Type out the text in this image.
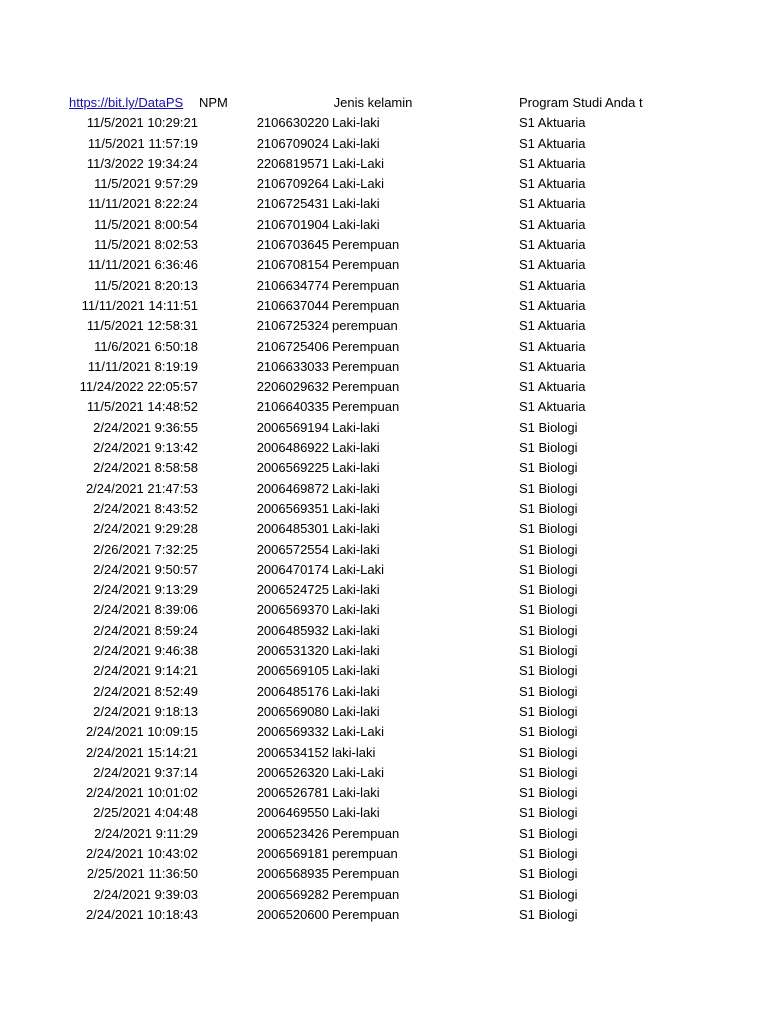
https://bit.ly/DataPS NPM	Jenis kelamin	Program Studi Anda t
11/5/2021 10:29:21	2106630220 Laki-laki	S1 Aktuaria
11/5/2021 11:57:19	2106709024 Laki-laki	S1 Aktuaria
11/3/2022 19:34:24	2206819571 Laki-Laki	S1 Aktuaria
11/5/2021 9:57:29	2106709264 Laki-Laki	S1 Aktuaria
11/11/2021 8:22:24	2106725431 Laki-laki	S1 Aktuaria
11/5/2021 8:00:54	2106701904 Laki-laki	S1 Aktuaria
11/5/2021 8:02:53	2106703645 Perempuan	S1 Aktuaria
11/11/2021 6:36:46	2106708154 Perempuan	S1 Aktuaria
11/5/2021 8:20:13	2106634774 Perempuan	S1 Aktuaria
11/11/2021 14:11:51	2106637044 Perempuan	S1 Aktuaria
11/5/2021 12:58:31	2106725324 perempuan	S1 Aktuaria
11/6/2021 6:50:18	2106725406 Perempuan	S1 Aktuaria
11/11/2021 8:19:19	2106633033 Perempuan	S1 Aktuaria
11/24/2022 22:05:57	2206029632 Perempuan	S1 Aktuaria
11/5/2021 14:48:52	2106640335 Perempuan	S1 Aktuaria
2/24/2021 9:36:55	2006569194 Laki-laki	S1 Biologi
2/24/2021 9:13:42	2006486922 Laki-laki	S1 Biologi
2/24/2021 8:58:58	2006569225 Laki-laki	S1 Biologi
2/24/2021 21:47:53	2006469872 Laki-laki	S1 Biologi
2/24/2021 8:43:52	2006569351 Laki-laki	S1 Biologi
2/24/2021 9:29:28	2006485301 Laki-laki	S1 Biologi
2/26/2021 7:32:25	2006572554 Laki-laki	S1 Biologi
2/24/2021 9:50:57	2006470174 Laki-Laki	S1 Biologi
2/24/2021 9:13:29	2006524725 Laki-laki	S1 Biologi
2/24/2021 8:39:06	2006569370 Laki-laki	S1 Biologi
2/24/2021 8:59:24	2006485932 Laki-laki	S1 Biologi
2/24/2021 9:46:38	2006531320 Laki-laki	S1 Biologi
2/24/2021 9:14:21	2006569105 Laki-laki	S1 Biologi
2/24/2021 8:52:49	2006485176 Laki-laki	S1 Biologi
2/24/2021 9:18:13	2006569080 Laki-laki	S1 Biologi
2/24/2021 10:09:15	2006569332 Laki-Laki	S1 Biologi
2/24/2021 15:14:21	2006534152 laki-laki	S1 Biologi
2/24/2021 9:37:14	2006526320 Laki-Laki	S1 Biologi
2/24/2021 10:01:02	2006526781 Laki-laki	S1 Biologi
2/25/2021 4:04:48	2006469550 Laki-laki	S1 Biologi
2/24/2021 9:11:29	2006523426 Perempuan	S1 Biologi
2/24/2021 10:43:02	2006569181 perempuan	S1 Biologi
2/25/2021 11:36:50	2006568935 Perempuan	S1 Biologi
2/24/2021 9:39:03	2006569282 Perempuan	S1 Biologi
2/24/2021 10:18:43	2006520600 Perempuan	S1 Biologi
